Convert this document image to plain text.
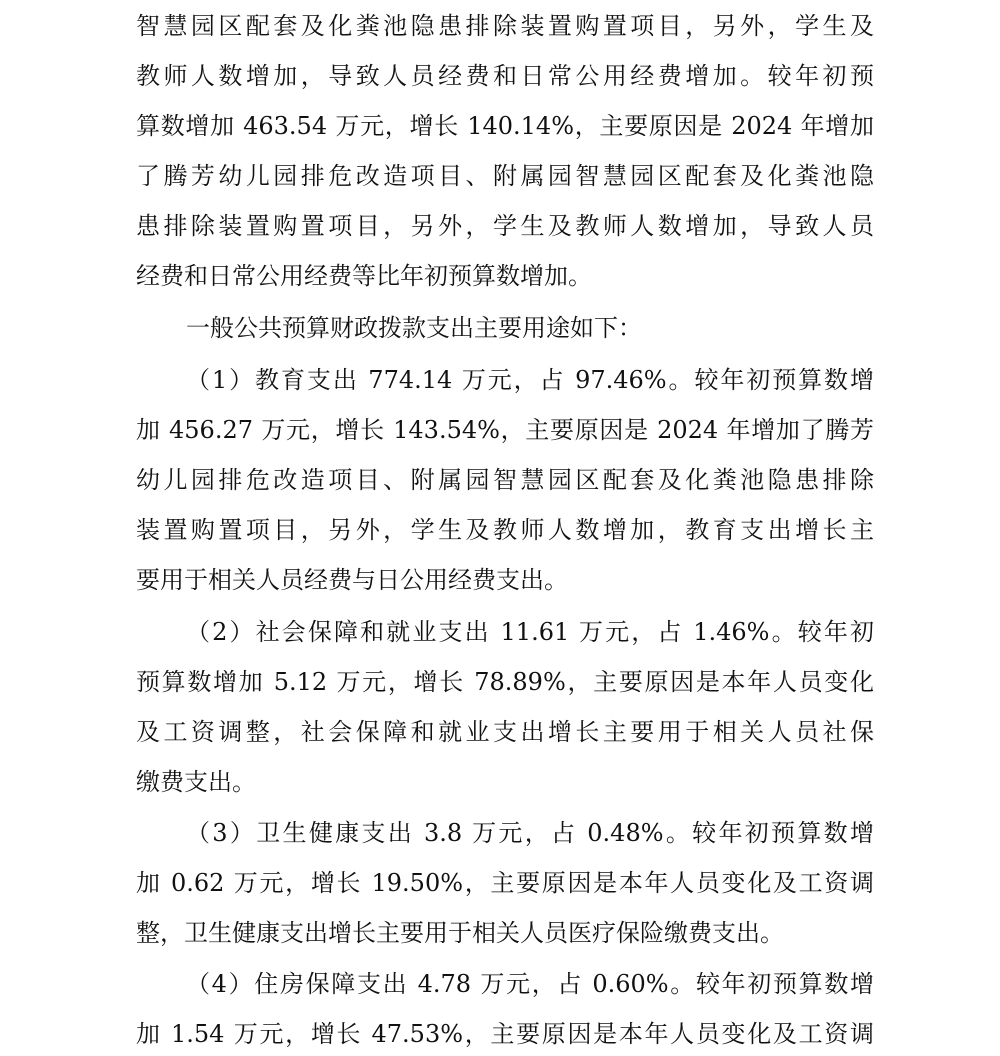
智慧园区配套及化粪池隐患排除装置购置项目，另外，学生及
教师人数增加，导致人员经费和日常公用经费增加。较年初预
算数增加 463.54 万元，增长 140.14%，主要原因是 2024 年增加
了腾芳幼儿园排危改造项目、附属园智慧园区配套及化粪池隐
患排除装置购置项目，另外，学生及教师人数增加，导致人员
经费和日常公用经费等比年初预算数增加。
一般公共预算财政拨款支出主要用途如下：
（1）教育支出 774.14 万元，占 97.46%。较年初预算数增
加 456.27 万元，增长 143.54%，主要原因是 2024 年增加了腾芳
幼儿园排危改造项目、附属园智慧园区配套及化粪池隐患排除
装置购置项目，另外，学生及教师人数增加，教育支出增长主
要用于相关人员经费与日公用经费支出。
（2）社会保障和就业支出 11.61 万元，占 1.46%。较年初
预算数增加 5.12 万元，增长 78.89%，主要原因是本年人员变化
及工资调整，社会保障和就业支出增长主要用于相关人员社保
缴费支出。
（3）卫生健康支出 3.8 万元，占 0.48%。较年初预算数增
加 0.62 万元，增长 19.50%，主要原因是本年人员变化及工资调
整，卫生健康支出增长主要用于相关人员医疗保险缴费支出。
（4）住房保障支出 4.78 万元，占 0.60%。较年初预算数增
加 1.54 万元，增长 47.53%，主要原因是本年人员变化及工资调
